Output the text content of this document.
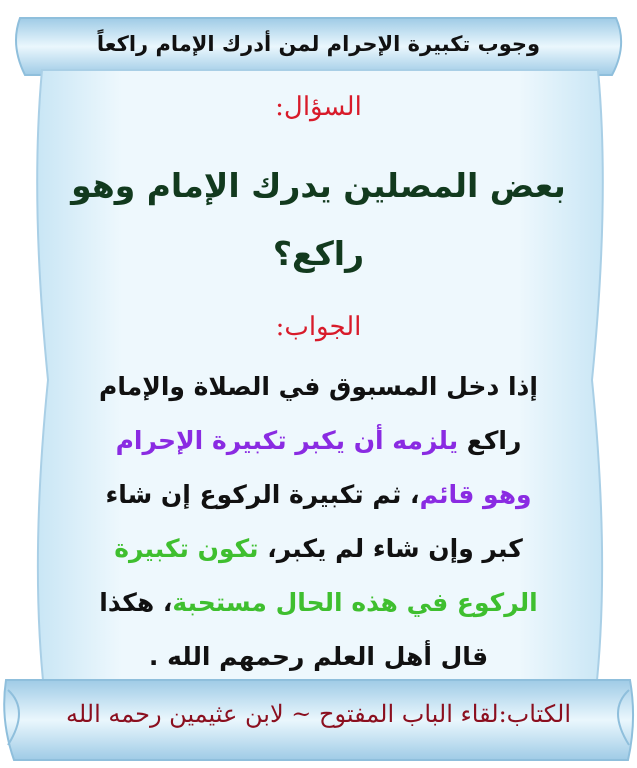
وجوب تكبيرة الإحرام لمن أدرك الإمام راكعاً
السؤال:
بعض المصلين يدرك الإمام وهو
راكع؟
الجواب:
إذا دخل المسبوق في الصلاة والإمام
راكع يلزمه أن يكبر تكبيرة الإحرام
وهو قائم، ثم تكبيرة الركوع إن شاء
كبر وإن شاء لم يكبر، تكون تكبيرة
الركوع في هذه الحال مستحبة، هكذا
قال أهل العلم رحمهم الله .
الكتاب:لقاء الباب المفتوح ~ لابن عثيمين رحمه الله
